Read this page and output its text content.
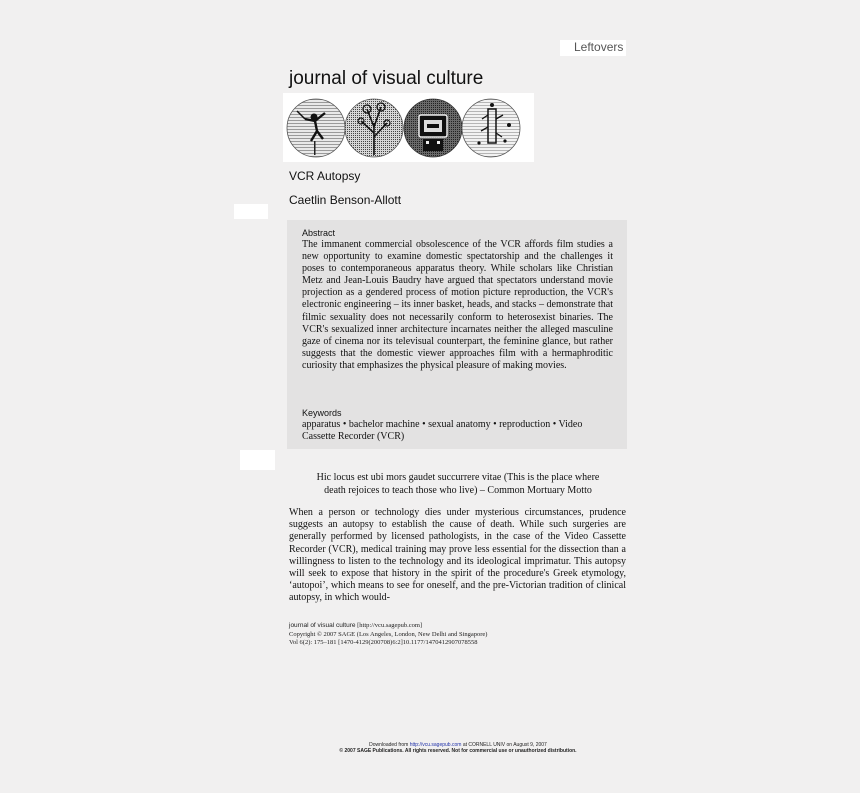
Leftovers
journal of visual culture
VCR Autopsy
Caetlin Benson-Allott
Abstract
The immanent commercial obsolescence of the VCR affords film studies a new opportunity to examine domestic spectatorship and the challenges it poses to contemporaneous apparatus theory. While scholars like Christian Metz and Jean-Louis Baudry have argued that spectators understand movie projection as a gendered process of motion picture reproduction, the VCR's electronic engineering – its inner basket, heads, and stacks – demonstrate that filmic sexuality does not necessarily conform to heterosexist binaries. The VCR's sexualized inner architecture incarnates neither the alleged masculine gaze of cinema nor its televisual counterpart, the feminine glance, but rather suggests that the domestic viewer approaches film with a hermaphroditic curiosity that emphasizes the physical pleasure of making movies.
Keywords
apparatus • bachelor machine • sexual anatomy • reproduction • Video Cassette Recorder (VCR)
Hic locus est ubi mors gaudet succurrere vitae (This is the place where
death rejoices to teach those who live) – Common Mortuary Motto
When a person or technology dies under mysterious circumstances, prudence suggests an autopsy to establish the cause of death. While such surgeries are generally performed by licensed pathologists, in the case of the Video Cassette Recorder (VCR), medical training may prove less essential for the dissection than a willingness to listen to the technology and its ideological imprimatur. This autopsy will seek to expose that history in the spirit of the procedure's Greek etymology, ‘autopoi’, which means to see for oneself, and the pre-Victorian tradition of clinical autopsy, in which would-
journal of visual culture [http://vcu.sagepub.com]
Copyright © 2007 SAGE (Los Angeles, London, New Delhi and Singapore)
Vol 6(2): 175–181 [1470-4129(200708)6:2]10.1177/1470412907078558
Downloaded from http://vcu.sagepub.com at CORNELL UNIV on August 9, 2007
© 2007 SAGE Publications. All rights reserved. Not for commercial use or unauthorized distribution.
